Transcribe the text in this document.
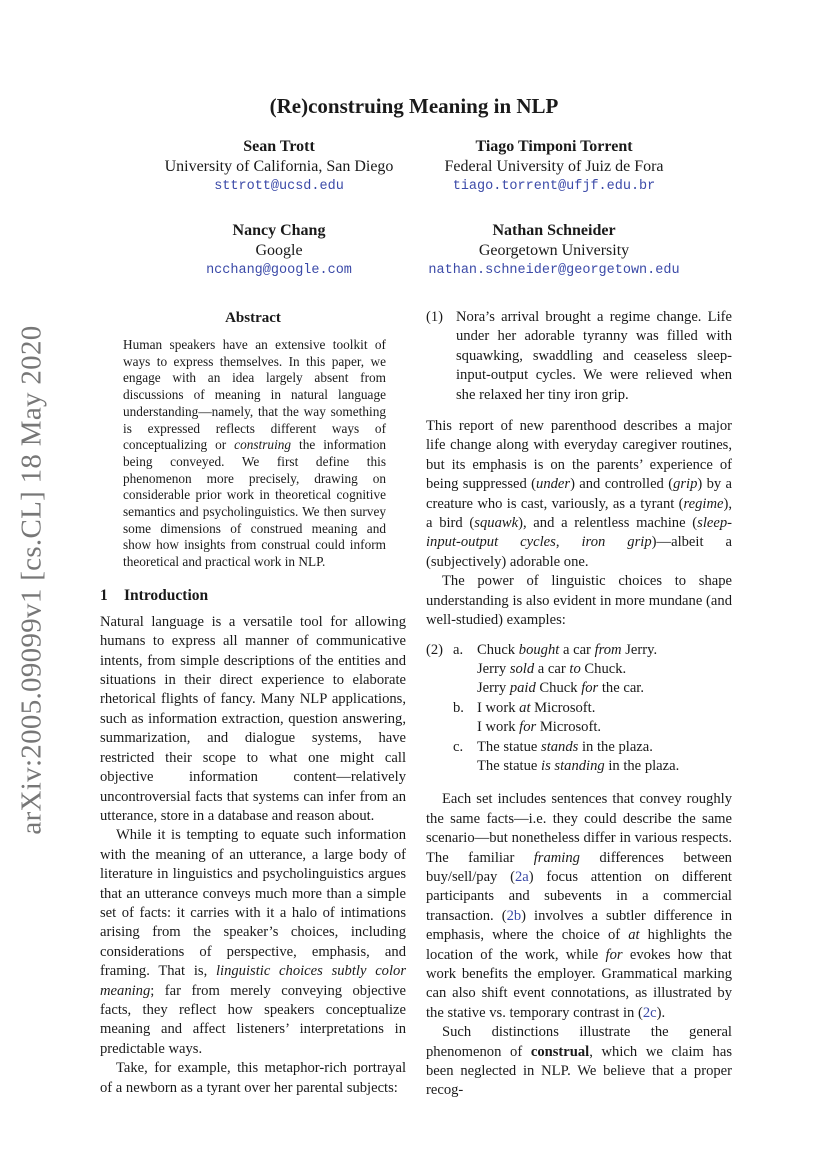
arXiv:2005.09099v1 [cs.CL] 18 May 2020
(Re)construing Meaning in NLP
Sean Trott
University of California, San Diego
sttrott@ucsd.edu
Tiago Timponi Torrent
Federal University of Juiz de Fora
tiago.torrent@ufjf.edu.br
Nancy Chang
Google
ncchang@google.com
Nathan Schneider
Georgetown University
nathan.schneider@georgetown.edu
Abstract

Human speakers have an extensive toolkit of ways to express themselves. In this paper, we engage with an idea largely absent from discussions of meaning in natural language understanding—namely, that the way something is expressed reflects different ways of conceptualizing or construing the information being conveyed. We first define this phenomenon more precisely, drawing on considerable prior work in theoretical cognitive semantics and psycholinguistics. We then survey some dimensions of construed meaning and show how insights from construal could inform theoretical and practical work in NLP.

1 Introduction

Natural language is a versatile tool for allowing humans to express all manner of communicative intents, from simple descriptions of the entities and situations in their direct experience to elaborate rhetorical flights of fancy. Many NLP applications, such as information extraction, question answering, summarization, and dialogue systems, have restricted their scope to what one might call objective information content—relatively uncontroversial facts that systems can infer from an utterance, store in a database and reason about.

While it is tempting to equate such information with the meaning of an utterance, a large body of literature in linguistics and psycholinguistics argues that an utterance conveys much more than a simple set of facts: it carries with it a halo of intimations arising from the speaker’s choices, including considerations of perspective, emphasis, and framing. That is, linguistic choices subtly color meaning; far from merely conveying objective facts, they reflect how speakers conceptualize meaning and affect listeners’ interpretations in predictable ways.

Take, for example, this metaphor-rich portrayal of a newborn as a tyrant over her parental subjects:

(1) Nora’s arrival brought a regime change. Life under her adorable tyranny was filled with squawking, swaddling and ceaseless sleep-input-output cycles. We were relieved when she relaxed her tiny iron grip.

This report of new parenthood describes a major life change along with everyday caregiver routines, but its emphasis is on the parents’ experience of being suppressed (under) and controlled (grip) by a creature who is cast, variously, as a tyrant (regime), a bird (squawk), and a relentless machine (sleep-input-output cycles, iron grip)—albeit a (subjectively) adorable one.

The power of linguistic choices to shape understanding is also evident in more mundane (and well-studied) examples:

(2) a. Chuck bought a car from Jerry.
Jerry sold a car to Chuck.
Jerry paid Chuck for the car.
b. I work at Microsoft.
I work for Microsoft.
c. The statue stands in the plaza.
The statue is standing in the plaza.

Each set includes sentences that convey roughly the same facts—i.e. they could describe the same scenario—but nonetheless differ in various respects. The familiar framing differences between buy/sell/pay (2a) focus attention on different participants and subevents in a commercial transaction. (2b) involves a subtler difference in emphasis, where the choice of at highlights the location of the work, while for evokes how that work benefits the employer. Grammatical marking can also shift event connotations, as illustrated by the stative vs. temporary contrast in (2c).

Such distinctions illustrate the general phenomenon of construal, which we claim has been neglected in NLP. We believe that a proper recog-
